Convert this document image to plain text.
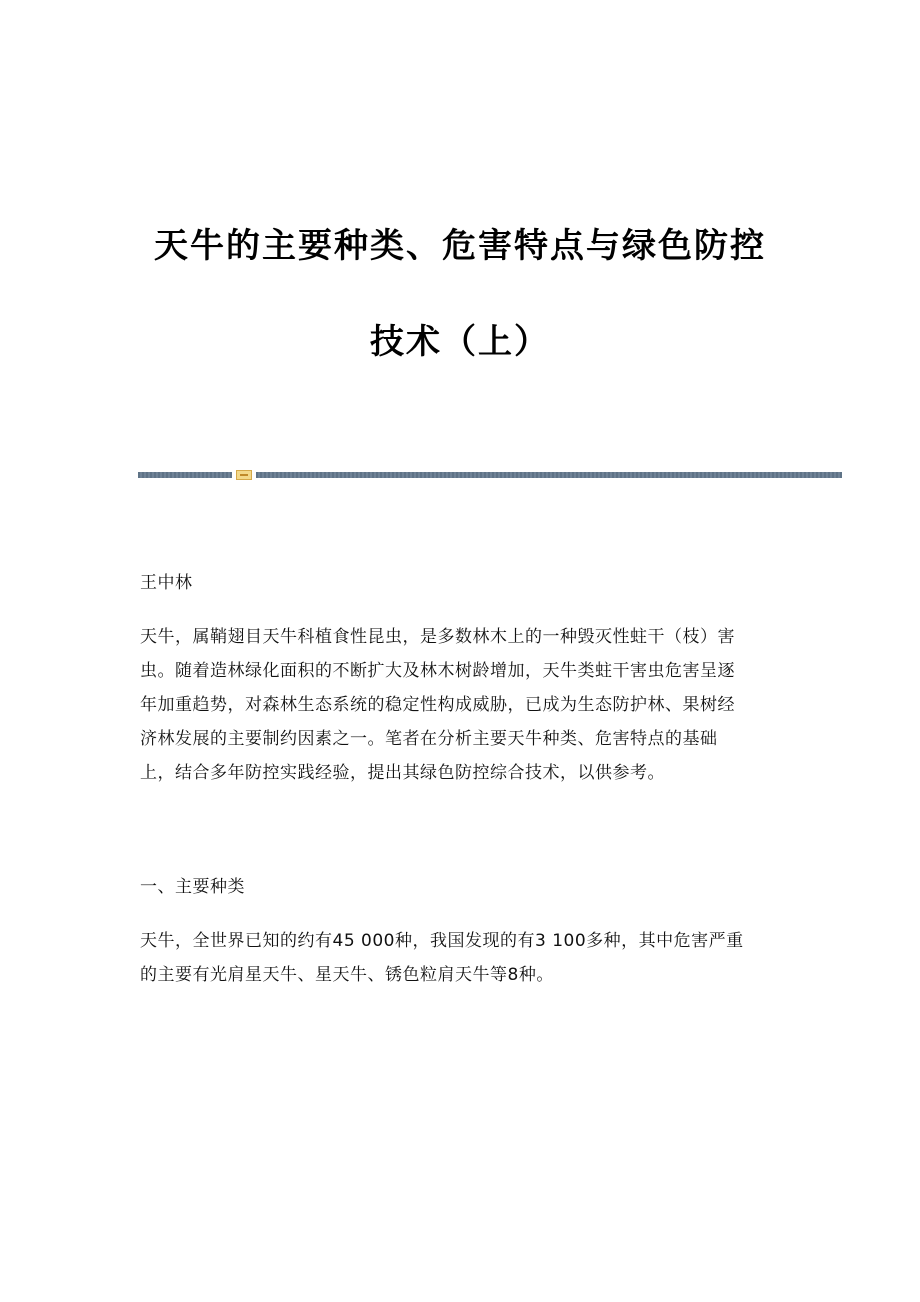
天牛的主要种类、危害特点与绿色防控
技术（上）
王中林

天牛，属鞘翅目天牛科植食性昆虫，是多数林木上的一种毁灭性蛀干（枝）害

虫。随着造林绿化面积的不断扩大及林木树龄增加，天牛类蛀干害虫危害呈逐

年加重趋势，对森林生态系统的稳定性构成威胁，已成为生态防护林、果树经

济林发展的主要制约因素之一。笔者在分析主要天牛种类、危害特点的基础

上，结合多年防控实践经验，提出其绿色防控综合技术，以供参考。

一、主要种类

天牛，全世界已知的约有45 000种，我国发现的有3 100多种，其中危害严重

的主要有光肩星天牛、星天牛、锈色粒肩天牛等8种。
